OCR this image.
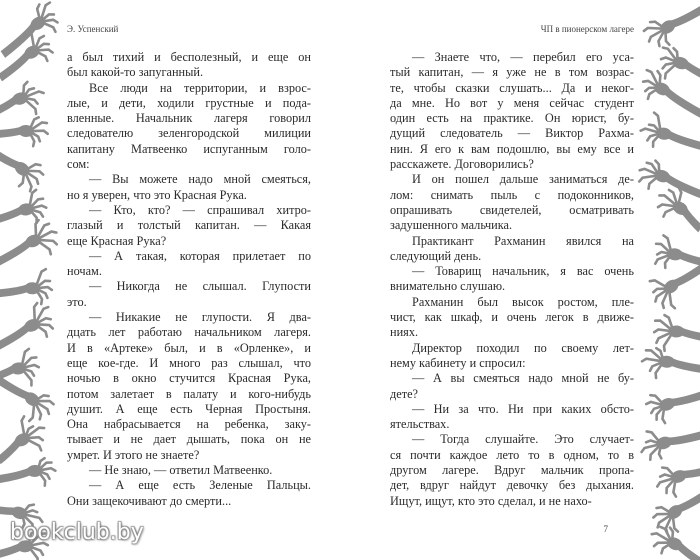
Э. Успенский
а был тихий и бесполезный, и еще он
был какой-то запуганный.
Все люди на территории, и взрос-
лые, и дети, ходили грустные и пода-
вленные. Начальник лагеря говорил
следователю зеленгородской милиции
капитану Матвеенко испуганным голо-
сом:
— Вы можете надо мной смеяться,
но я уверен, что это Красная Рука.
— Кто, кто? — спрашивал хитро-
глазый и толстый капитан. — Какая
еще Красная Рука?
— А такая, которая прилетает по
ночам.
— Никогда не слышал. Глупости
это.
— Никакие не глупости. Я два-
дцать лет работаю начальником лагеря.
И в «Артеке» был, и в «Орленке», и
еще кое-где. И много раз слышал, что
ночью в окно стучится Красная Рука,
потом залетает в палату и кого-нибудь
душит. А еще есть Черная Простыня.
Она набрасывается на ребенка, заку-
тывает и не дает дышать, пока он не
умрет. И этого не знаете?
— Не знаю, — ответил Матвеенко.
— А еще есть Зеленые Пальцы.
Они защекочивают до смерти...
ЧП в пионерском лагере
— Знаете что, — перебил его уса-
тый капитан, — я уже не в том возрас-
те, чтобы сказки слушать... Да и неког-
да мне. Но вот у меня сейчас студент
один есть на практике. Он юрист, бу-
дущий следователь — Виктор Рахма-
нин. Я его к вам подошлю, вы ему все и
расскажете. Договорились?
И он пошел дальше заниматься де-
лом: снимать пыль с подоконников,
опрашивать свидетелей, осматривать
задушенного мальчика.
Практикант Рахманин явился на
следующий день.
— Товарищ начальник, я вас очень
внимательно слушаю.
Рахманин был высок ростом, пле-
чист, как шкаф, и очень легок в движе-
ниях.
Директор походил по своему лет-
нему кабинету и спросил:
— А вы смеяться надо мной не бу-
дете?
— Ни за что. Ни при каких обсто-
ятельствах.
— Тогда слушайте. Это случает-
ся почти каждое лето то в одном, то в
другом лагере. Вдруг мальчик пропа-
дет, вдруг найдут девочку без дыхания.
Ищут, ищут, кто это сделал, и не нахо-
7
bookclub.by
